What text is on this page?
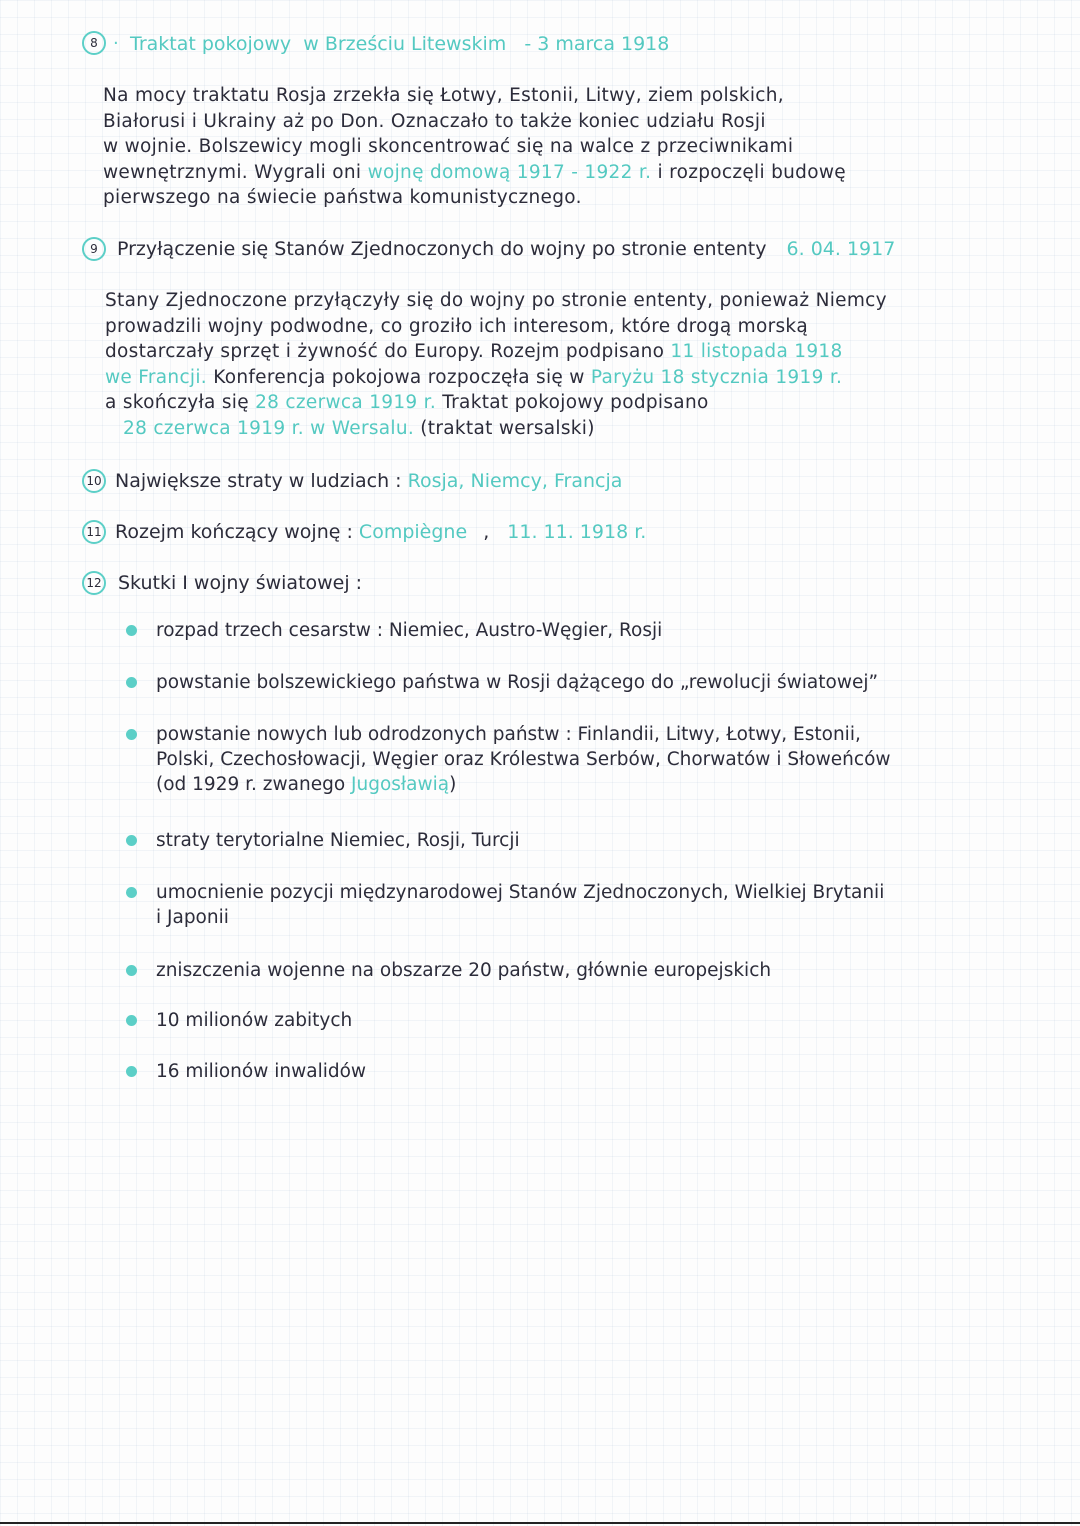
8 · Traktat pokojowy w Brześciu Litewskim - 3 marca 1918
Na mocy traktatu Rosja zrzekła się Łotwy, Estonii, Litwy, ziem polskich,
Białorusi i Ukrainy aż po Don. Oznaczało to także koniec udziału Rosji
w wojnie. Bolszewicy mogli skoncentrować się na walce z przeciwnikami
wewnętrznymi. Wygrali oni wojnę domową 1917 - 1922 r. i rozpoczęli budowę
pierwszego na świecie państwa komunistycznego.
9	Przyłączenie się Stanów Zjednoczonych do wojny po stronie ententy 6. 04. 1917
Stany Zjednoczone przyłączyły się do wojny po stronie ententy, ponieważ Niemcy
prowadzili wojny podwodne, co groziło ich interesom, które drogą morską
dostarczały sprzęt i żywność do Europy. Rozejm podpisano 11 listopada 1918
we Francji. Konferencja pokojowa rozpoczęła się w Paryżu 18 stycznia 1919 r.
a skończyła się 28 czerwca 1919 r. Traktat pokojowy podpisano
28 czerwca 1919 r. w Wersalu. (traktat wersalski)
10 Największe straty w ludziach : Rosja, Niemcy, Francja
11 Rozejm kończący wojnę : Compiègne , 11. 11. 1918 r.
12 Skutki I wojny światowej :
rozpad trzech cesarstw : Niemiec, Austro-Węgier, Rosji
powstanie bolszewickiego państwa w Rosji dążącego do „rewolucji światowej”
powstanie nowych lub odrodzonych państw : Finlandii, Litwy, Łotwy, Estonii,
Polski, Czechosłowacji, Węgier oraz Królestwa Serbów, Chorwatów i Słoweńców
(od 1929 r. zwanego Jugosławią)
straty terytorialne Niemiec, Rosji, Turcji
umocnienie pozycji międzynarodowej Stanów Zjednoczonych, Wielkiej Brytanii
i Japonii
zniszczenia wojenne na obszarze 20 państw, głównie europejskich
10 milionów zabitych
16 milionów inwalidów
